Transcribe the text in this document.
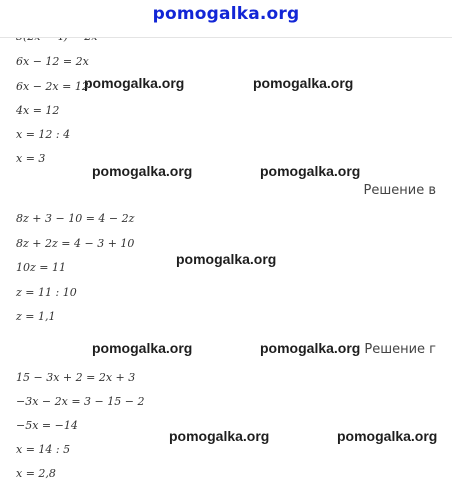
pomogalka.org
6x − 12 = 2x
6x − 2x = 12
4x = 12
x = 12 : 4
x = 3
Решение в
8z + 3 − 10 = 4 − 2z
8z + 2z = 4 − 3 + 10
10z = 11
z = 11 : 10
z = 1,1
Решение г
15 − 3x + 2 = 2x + 3
−3x − 2x = 3 − 15 − 2
−5x = −14
x = 14 : 5
x = 2,8
pomogalka.org	pomogalka.org
pomogalka.org	pomogalka.org
pomogalka.org
pomogalka.org	pomogalka.org
pomogalka.org	pomogalka.org
